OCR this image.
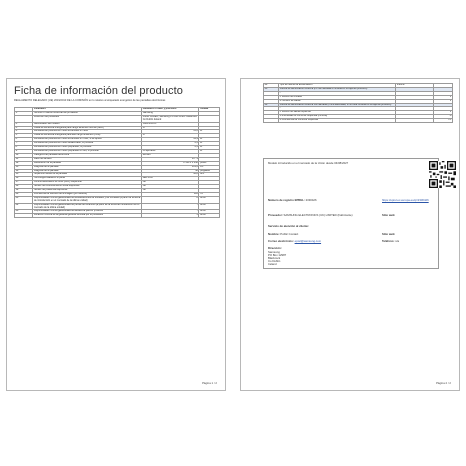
Ficha de información del producto
REGLAMENTO DELEGADO (UE) 2019/2013 DE LA COMISIÓN en lo relativo al etiquetado energético de las pantallas electrónicas
	Parámetro	Parámetro o valor y precisión	Unidad
1.	Nombre o marca comercial del proveedor	Samsung	
	Dirección del proveedor	Public Contact, Samsung PO Box 12987 Blackrock Co Dublin Ireland	
2.	Identificador del modelo	S40FS5UXU	
3.	Clase de eficiencia energética para rango dinámico normal (SDR)	G	
4.	Demanda de potencia en modo encendido en SDR	35,2	W
5.	Clase de eficiencia energética para alto rango dinámico (HDR)	G	
6.	Demanda de potencia en modo encendido en HDR, si se aplica	32,9	W
7.	Demanda de potencia en modo desactivado, si procede	0,3	W
8.	Demanda de potencia en modo preparado, si procede	0,3	W
9.	Demanda de potencia en modo preparado en red, si procede	no aplicable	W
10.	Categoría de pantalla electrónica	Monitor	
11.	Ratio de tamaño	16 : 9	
12.	Resolución de la pantalla	2 560 x 1 440	píxels
13.	Diagonal de la pantalla	101,6	cm
14.	Diagonal de la pantalla	40	pulgadas
15.	Superficie visible de la pantalla	46,8	dm²
16.	Tecnología usada en el panel	LED LCD	
17.	Control automático de brillo (ABC) disponible	No	
18.	Sensor de reconocimiento vocal disponible	No	
19.	Sensor de presencia disponible	No	
20.	Frecuencia de refresco de la imagen (por defecto)	120	Hz
21.	Disponibilidad mínima garantizada de actualizaciones de software y de firmware (a partir de la fecha de introducción en el mercado de la última unidad)	8	Años
22.	Disponibilidad mínima garantizada de piezas de recambio (a partir de la fecha de introducción en el mercado de la última unidad)	7	Años
23.	Disponibilidad mínima garantizada de asistencia para el producto	7	Años
	Duración mínima de la garantía general ofrecida por el proveedor	3	Años
Página 1 / 2
24.	Tipo de fuente de alimentación	Interna	
25.	Fuente de alimentación externa (no normalizada e incluida en la caja del producto)		
	i		
	ii Tensión de entrada		V
	iii Tensión de salida		V
26.	Fuente de alimentación externa normalizada (o una adecuada, si no está incluida en la caja del producto)		
	i		
	ii Tensión de salida requerida		V
	iii Intensidad de corriente requerida (mínima)		A
	iv Frecuencia de corriente requerida		Hz
Modelo introducido en el mercado de la Unión desde 04/08/2027
Número de registro EPREL: 2330426	https://eprel.ec.europa.eu/qr/2330426
Proveedor: SAMSUNG ELECTRONICS (UK) LIMITED (Fabricante)	Sitio web:
Servicio de atención al cliente:
Nombre: Public Contact	Sitio web:
Correo electrónico: eprel@samsung.com	Teléfono: n/a
Dirección:
Samsung
PO Box 12987
Blackrock
Co Dublin
Ireland
Página 2 / 2
